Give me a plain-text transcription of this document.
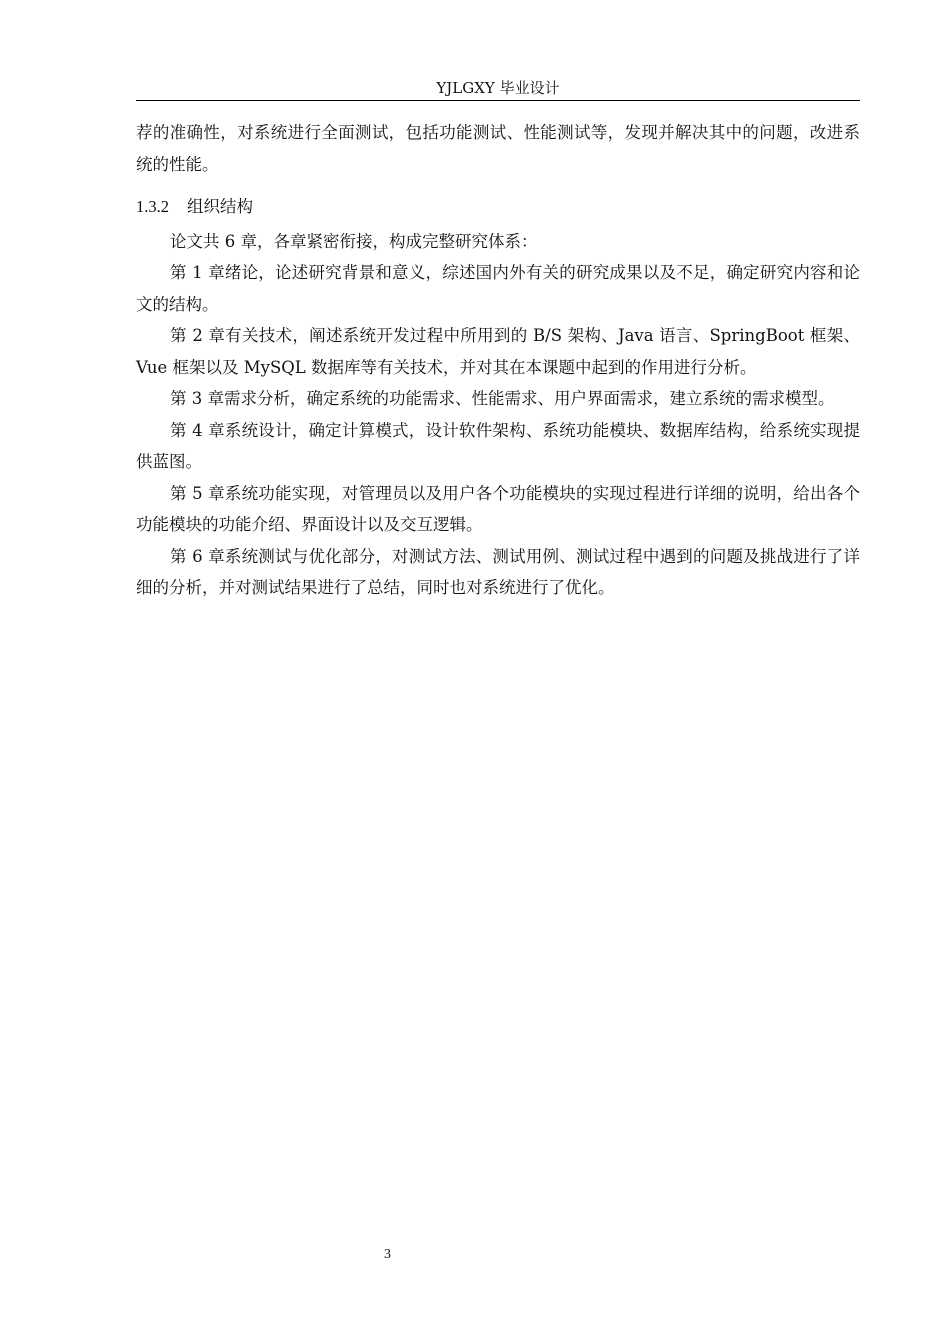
YJLGXY 毕业设计

荐的准确性，对系统进行全面测试，包括功能测试、性能测试等，发现并解决其中的问题，改进系统的性能。

1.3.2 组织结构

论文共 6 章，各章紧密衔接，构成完整研究体系：

第 1 章绪论，论述研究背景和意义，综述国内外有关的研究成果以及不足，确定研究内容和论文的结构。

第 2 章有关技术，阐述系统开发过程中所用到的 B/S 架构、Java 语言、SpringBoot 框架、Vue 框架以及 MySQL 数据库等有关技术，并对其在本课题中起到的作用进行分析。

第 3 章需求分析，确定系统的功能需求、性能需求、用户界面需求，建立系统的需求模型。

第 4 章系统设计，确定计算模式，设计软件架构、系统功能模块、数据库结构，给系统实现提供蓝图。

第 5 章系统功能实现，对管理员以及用户各个功能模块的实现过程进行详细的说明，给出各个功能模块的功能介绍、界面设计以及交互逻辑。

第 6 章系统测试与优化部分，对测试方法、测试用例、测试过程中遇到的问题及挑战进行了详细的分析，并对测试结果进行了总结，同时也对系统进行了优化。

3
